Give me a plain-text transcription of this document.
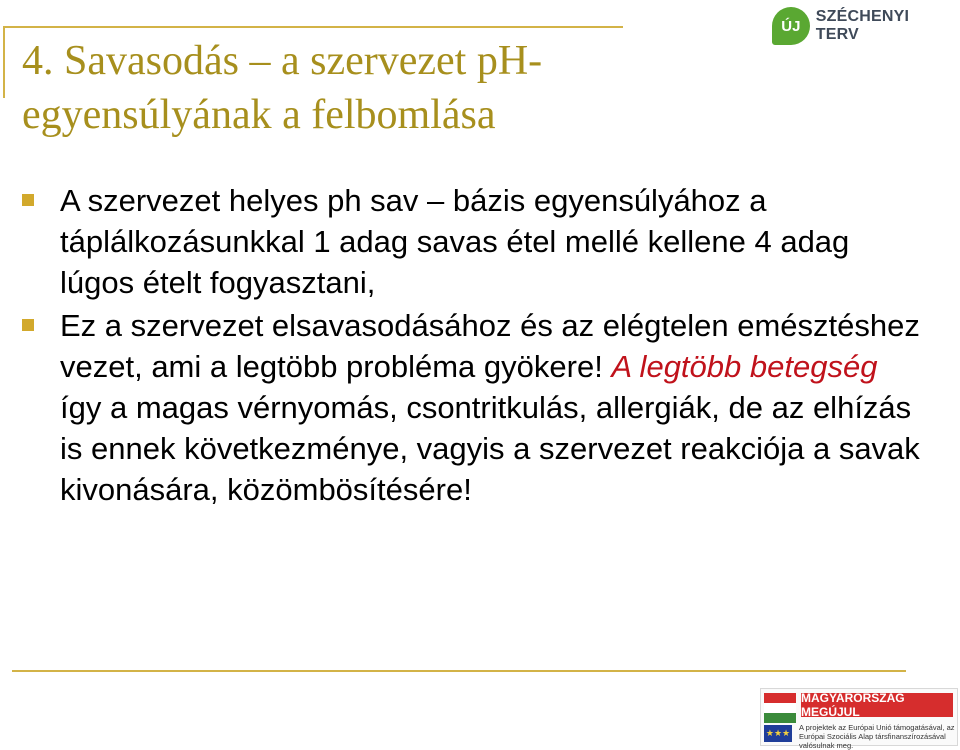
4. Savasodás – a szervezet pH-egyensúlyának a felbomlása
ÚJ
SZÉCHENYI TERV
A szervezet helyes ph sav – bázis egyensúlyához a táplálkozásunkkal 1 adag savas étel mellé kellene 4 adag lúgos ételt fogyasztani,
Ez a szervezet elsavasodásához és az elégtelen emésztéshez vezet, ami a legtöbb probléma gyökere! A legtöbb betegség így a magas vérnyomás, csontritkulás, allergiák, de az elhízás is ennek következménye, vagyis a szervezet reakciója a savak kivonására, közömbösítésére!
MAGYARORSZÁG MEGÚJUL
★★★
A projektek az Európai Unió támogatásával, az Európai Szociális Alap társfinanszírozásával valósulnak meg.
